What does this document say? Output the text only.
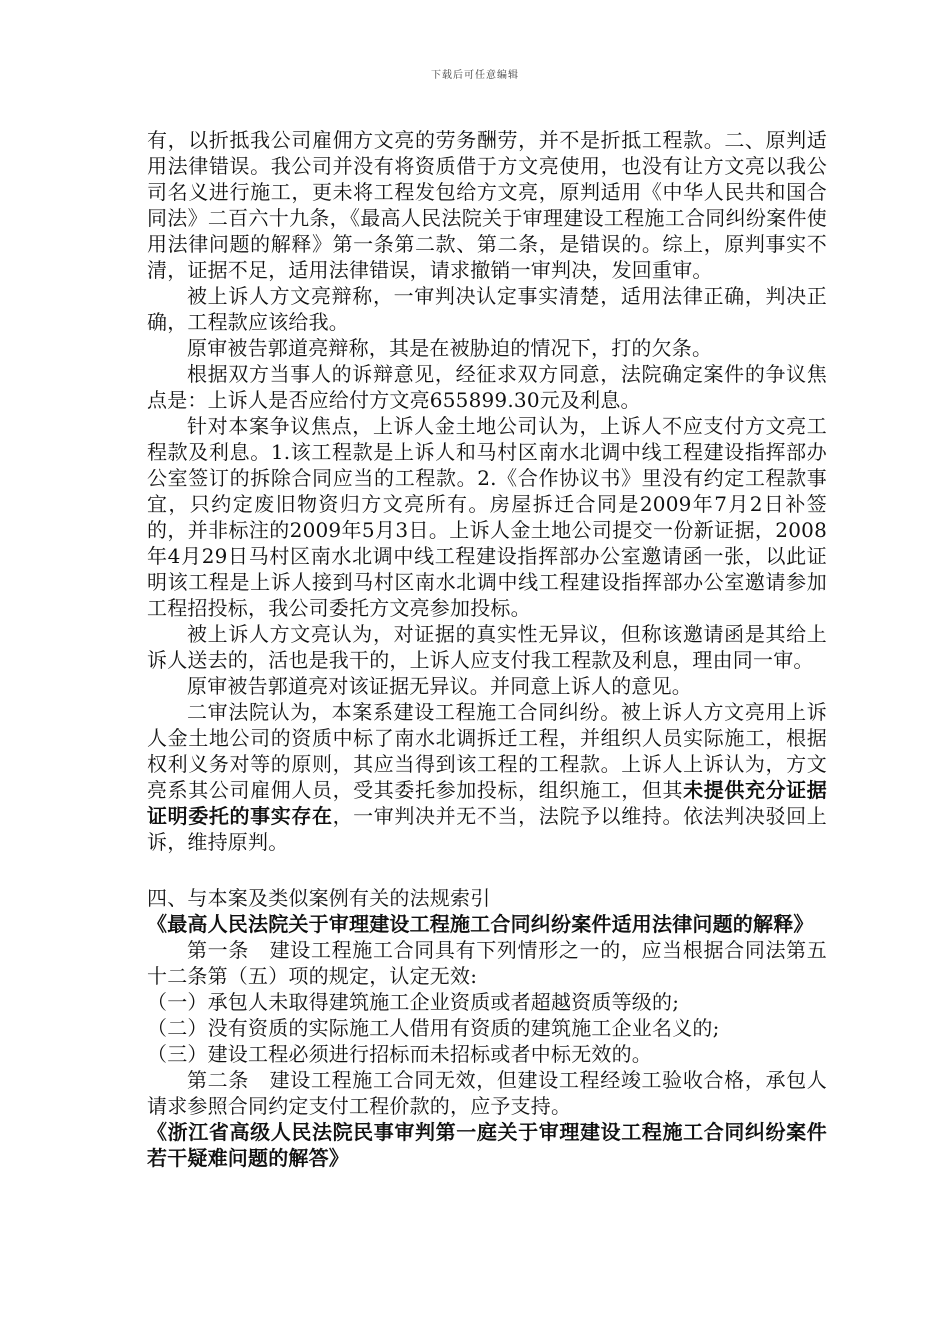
下载后可任意编辑

有，以折抵我公司雇佣方文亮的劳务酬劳，并不是折抵工程款。二、原判适用法律错误。我公司并没有将资质借于方文亮使用，也没有让方文亮以我公司名义进行施工，更未将工程发包给方文亮，原判适用《中华人民共和国合同法》二百六十九条，《最高人民法院关于审理建设工程施工合同纠纷案件使用法律问题的解释》第一条第二款、第二条，是错误的。综上，原判事实不清，证据不足，适用法律错误，请求撤销一审判决，发回重审。

被上诉人方文亮辩称，一审判决认定事实清楚，适用法律正确，判决正确，工程款应该给我。

原审被告郭道亮辩称，其是在被胁迫的情况下，打的欠条。

根据双方当事人的诉辩意见，经征求双方同意，法院确定案件的争议焦点是：上诉人是否应给付方文亮655899.30元及利息。

针对本案争议焦点，上诉人金土地公司认为，上诉人不应支付方文亮工程款及利息。1.该工程款是上诉人和马村区南水北调中线工程建设指挥部办公室签订的拆除合同应当的工程款。2.《合作协议书》里没有约定工程款事宜，只约定废旧物资归方文亮所有。房屋拆迁合同是2009年7月2日补签的，并非标注的2009年5月3日。上诉人金土地公司提交一份新证据，2008年4月29日马村区南水北调中线工程建设指挥部办公室邀请函一张，以此证明该工程是上诉人接到马村区南水北调中线工程建设指挥部办公室邀请参加工程招投标，我公司委托方文亮参加投标。

被上诉人方文亮认为，对证据的真实性无异议，但称该邀请函是其给上诉人送去的，活也是我干的，上诉人应支付我工程款及利息，理由同一审。

原审被告郭道亮对该证据无异议。并同意上诉人的意见。

二审法院认为，本案系建设工程施工合同纠纷。被上诉人方文亮用上诉人金土地公司的资质中标了南水北调拆迁工程，并组织人员实际施工，根据权利义务对等的原则，其应当得到该工程的工程款。上诉人上诉认为，方文亮系其公司雇佣人员，受其委托参加投标，组织施工，但其未提供充分证据证明委托的事实存在，一审判决并无不当，法院予以维持。依法判决驳回上诉，维持原判。

四、与本案及类似案例有关的法规索引

《最高人民法院关于审理建设工程施工合同纠纷案件适用法律问题的解释》

第一条　建设工程施工合同具有下列情形之一的，应当根据合同法第五十二条第（五）项的规定，认定无效:

（一）承包人未取得建筑施工企业资质或者超越资质等级的;

（二）没有资质的实际施工人借用有资质的建筑施工企业名义的;

（三）建设工程必须进行招标而未招标或者中标无效的。

第二条　建设工程施工合同无效，但建设工程经竣工验收合格，承包人请求参照合同约定支付工程价款的，应予支持。

《浙江省高级人民法院民事审判第一庭关于审理建设工程施工合同纠纷案件若干疑难问题的解答》
